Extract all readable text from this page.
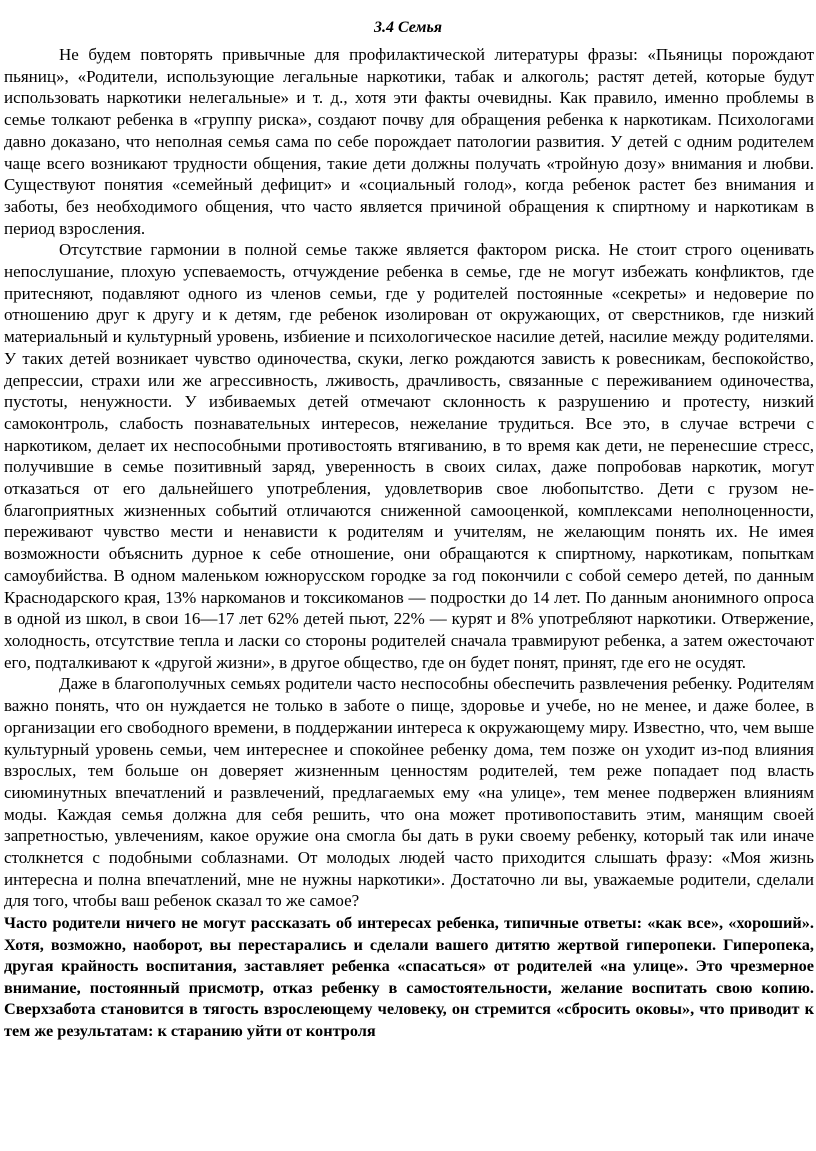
3.4 Семья

Не будем повторять привычные для профилактической литературы фразы: «Пьяницы порождают пьяниц», «Родители, использующие легальные наркотики, табак и алкоголь; растят детей, которые будут использовать наркотики нелегальные» и т. д., хотя эти факты очевидны. Как правило, именно проблемы в семье толкают ребенка в «группу риска», создают почву для обращения ребенка к наркотикам. Психологами давно доказано, что неполная семья сама по себе порождает патологии развития. У детей с одним родителем чаще всего возникают трудности общения, такие дети должны получать «тройную дозу» внимания и любви. Существуют понятия «семейный дефицит» и «социальный голод», когда ребенок растет без внимания и заботы, без необходимого общения, что часто является причиной обращения к спиртному и наркотикам в период взросления.

Отсутствие гармонии в полной семье также является фактором риска. Не стоит строго оценивать непослушание, плохую успеваемость, отчуждение ребенка в семье, где не могут избежать конфликтов, где притесняют, подавляют одного из членов семьи, где у родителей постоянные «секреты» и недоверие по отношению друг к другу и к детям, где ребенок изолирован от окружающих, от сверстников, где низкий материальный и культурный уровень, избиение и психологическое насилие детей, насилие между родителями. У таких детей возникает чувство одиночества, скуки, легко рождаются зависть к ровесникам, беспокойство, депрессии, страхи или же агрессивность, лживость, драчливость, связанные с переживанием одиночества, пустоты, ненужности. У избиваемых детей отмечают склонность к разрушению и протесту, низкий самоконтроль, слабость познавательных интересов, нежелание трудиться. Все это, в случае встречи с наркотиком, делает их неспособными противостоять втягиванию, в то время как дети, не перенесшие стресс, получившие в семье позитивный заряд, уверенность в своих силах, даже попробовав наркотик, могут отказаться от его дальнейшего употребления, удовлетворив свое любопытство. Дети с грузом неблагоприятных жизненных событий отличаются сниженной самооценкой, комплексами неполноценности, переживают чувство мести и ненависти к родителям и учителям, не желающим понять их. Не имея возможности объяснить дурное к себе отношение, они обращаются к спиртному, наркотикам, попыткам самоубийства. В одном маленьком южнорусском городке за год покончили с собой семеро детей, по данным Краснодарского края, 13% наркоманов и токсикоманов — подростки до 14 лет. По данным анонимного опроса в одной из школ, в свои 16—17 лет 62% детей пьют, 22% — курят и 8% употребляют наркотики. Отвержение, холодность, отсутствие тепла и ласки со стороны родителей сначала травмируют ребенка, а затем ожесточают его, подталкивают к «другой жизни», в другое общество, где он будет понят, принят, где его не осудят.

Даже в благополучных семьях родители часто неспособны обеспечить развлечения ребенку. Родителям важно понять, что он нуждается не только в заботе о пище, здоровье и учебе, но не менее, и даже более, в организации его свободного времени, в поддержании интереса к окружающему миру. Известно, что, чем выше культурный уровень семьи, чем интереснее и спокойнее ребенку дома, тем позже он уходит из-под влияния взрослых, тем больше он доверяет жизненным ценностям родителей, тем реже попадает под власть сиюминутных впечатлений и развлечений, предлагаемых ему «на улице», тем менее подвержен влияниям моды. Каждая семья должна для себя решить, что она может противопоставить этим, манящим своей запретностью, увлечениям, какое оружие она смогла бы дать в руки своему ребенку, который так или иначе столкнется с подобными соблазнами. От молодых людей часто приходится слышать фразу: «Моя жизнь интересна и полна впечатлений, мне не нужны наркотики». Достаточно ли вы, уважаемые родители, сделали для того, чтобы ваш ребенок сказал то же самое?

Часто родители ничего не могут рассказать об интересах ребенка, типичные ответы: «как все», «хороший». Хотя, возможно, наоборот, вы перестарались и сделали вашего дитятю жертвой гиперопеки. Гиперопека, другая крайность воспитания, заставляет ребенка «спасаться» от родителей «на улице». Это чрезмерное внимание, постоянный присмотр, отказ ребенку в самостоятельности, желание воспитать свою копию. Сверхзабота становится в тягость взрослеющему человеку, он стремится «сбросить оковы», что приводит к тем же результатам: к старанию уйти от контроля
